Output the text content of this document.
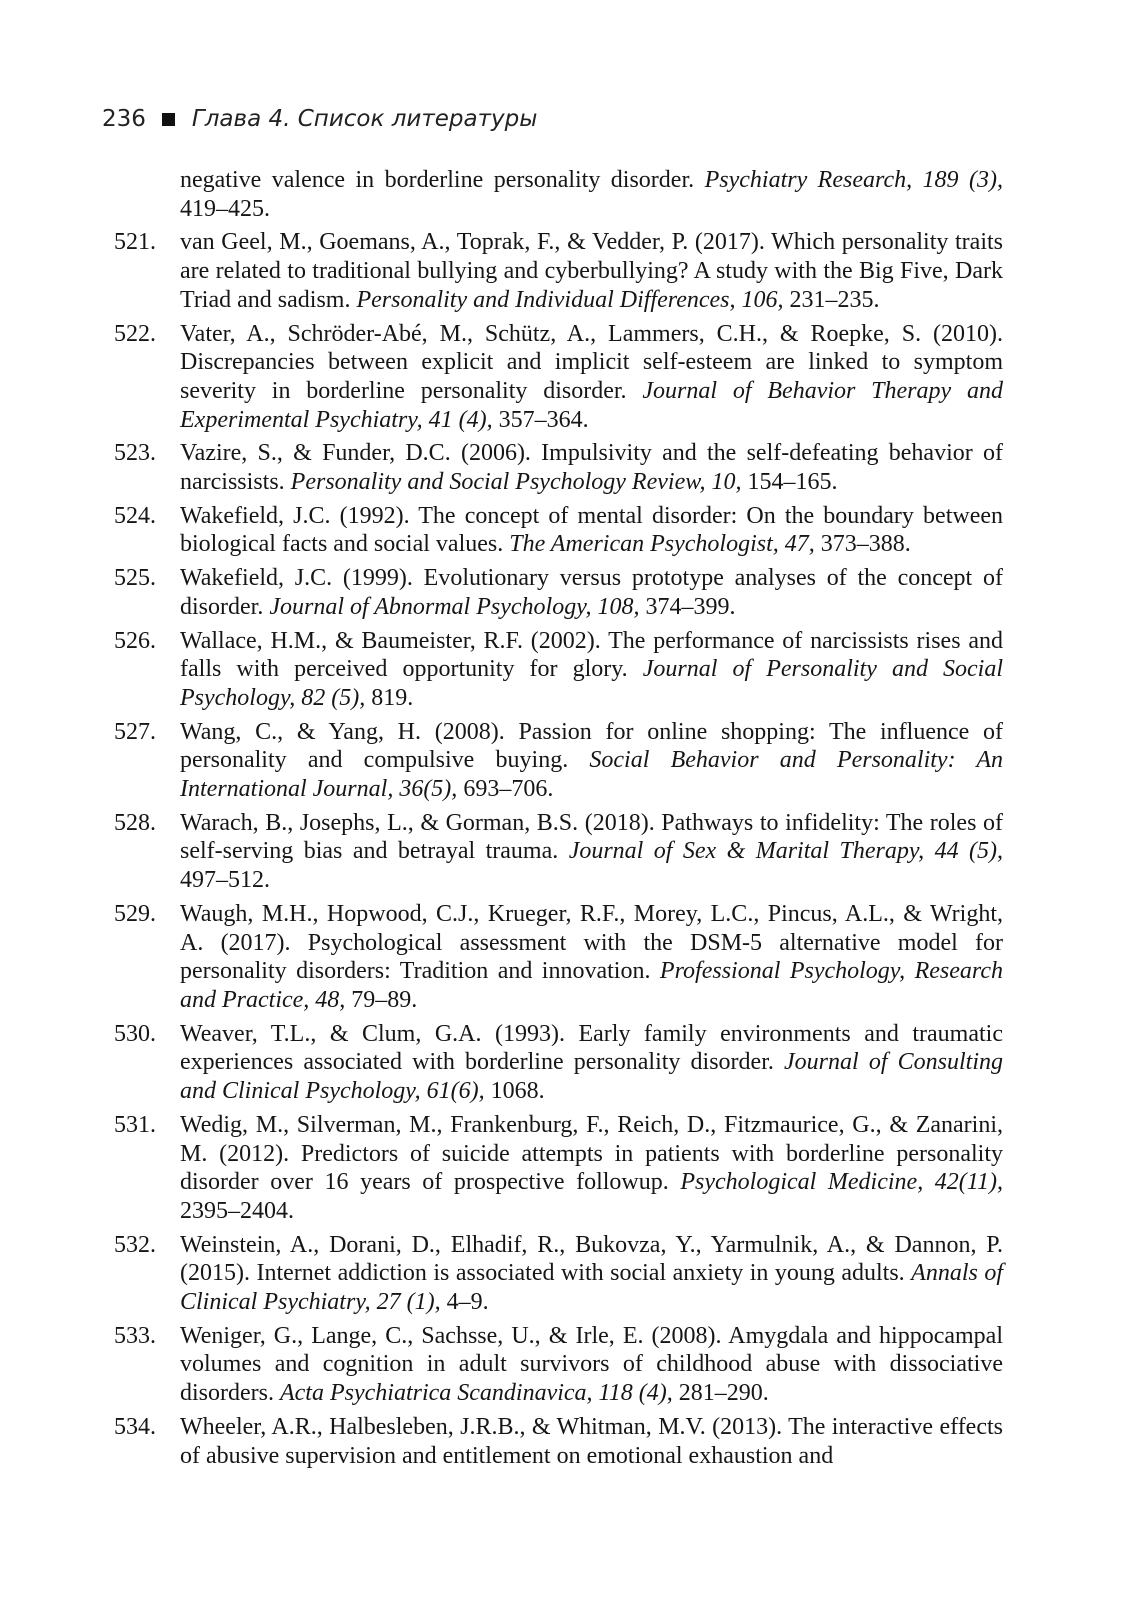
236 Глава 4. Список литературы
negative valence in borderline personality disorder. Psychiatry Research, 189 (3), 419–425.
521. van Geel, M., Goemans, A., Toprak, F., & Vedder, P. (2017). Which personality traits are related to traditional bullying and cyberbullying? A study with the Big Five, Dark Triad and sadism. Personality and Individual Differences, 106, 231–235.
522. Vater, A., Schröder-Abé, M., Schütz, A., Lammers, C.H., & Roepke, S. (2010). Discrepancies between explicit and implicit self-esteem are linked to symptom severity in borderline personality disorder. Journal of Behavior Therapy and Experimental Psychiatry, 41 (4), 357–364.
523. Vazire, S., & Funder, D.C. (2006). Impulsivity and the self-defeating behavior of narcissists. Personality and Social Psychology Review, 10, 154–165.
524. Wakefield, J.C. (1992). The concept of mental disorder: On the boundary between biological facts and social values. The American Psychologist, 47, 373–388.
525. Wakefield, J.C. (1999). Evolutionary versus prototype analyses of the concept of disorder. Journal of Abnormal Psychology, 108, 374–399.
526. Wallace, H.M., & Baumeister, R.F. (2002). The performance of narcissists rises and falls with perceived opportunity for glory. Journal of Personality and Social Psychology, 82 (5), 819.
527. Wang, C., & Yang, H. (2008). Passion for online shopping: The influence of personality and compulsive buying. Social Behavior and Personality: An International Journal, 36(5), 693–706.
528. Warach, B., Josephs, L., & Gorman, B.S. (2018). Pathways to infidelity: The roles of self-serving bias and betrayal trauma. Journal of Sex & Marital Therapy, 44 (5), 497–512.
529. Waugh, M.H., Hopwood, C.J., Krueger, R.F., Morey, L.C., Pincus, A.L., & Wright, A. (2017). Psychological assessment with the DSM-5 alternative model for personality disorders: Tradition and innovation. Professional Psychology, Research and Practice, 48, 79–89.
530. Weaver, T.L., & Clum, G.A. (1993). Early family environments and traumatic experiences associated with borderline personality disorder. Journal of Consulting and Clinical Psychology, 61(6), 1068.
531. Wedig, M., Silverman, M., Frankenburg, F., Reich, D., Fitzmaurice, G., & Zanarini, M. (2012). Predictors of suicide attempts in patients with borderline personality disorder over 16 years of prospective followup. Psychological Medicine, 42(11), 2395–2404.
532. Weinstein, A., Dorani, D., Elhadif, R., Bukovza, Y., Yarmulnik, A., & Dannon, P. (2015). Internet addiction is associated with social anxiety in young adults. Annals of Clinical Psychiatry, 27 (1), 4–9.
533. Weniger, G., Lange, C., Sachsse, U., & Irle, E. (2008). Amygdala and hippocampal volumes and cognition in adult survivors of childhood abuse with dissociative disorders. Acta Psychiatrica Scandinavica, 118 (4), 281–290.
534. Wheeler, A.R., Halbesleben, J.R.B., & Whitman, M.V. (2013). The interactive effects of abusive supervision and entitlement on emotional exhaustion and
